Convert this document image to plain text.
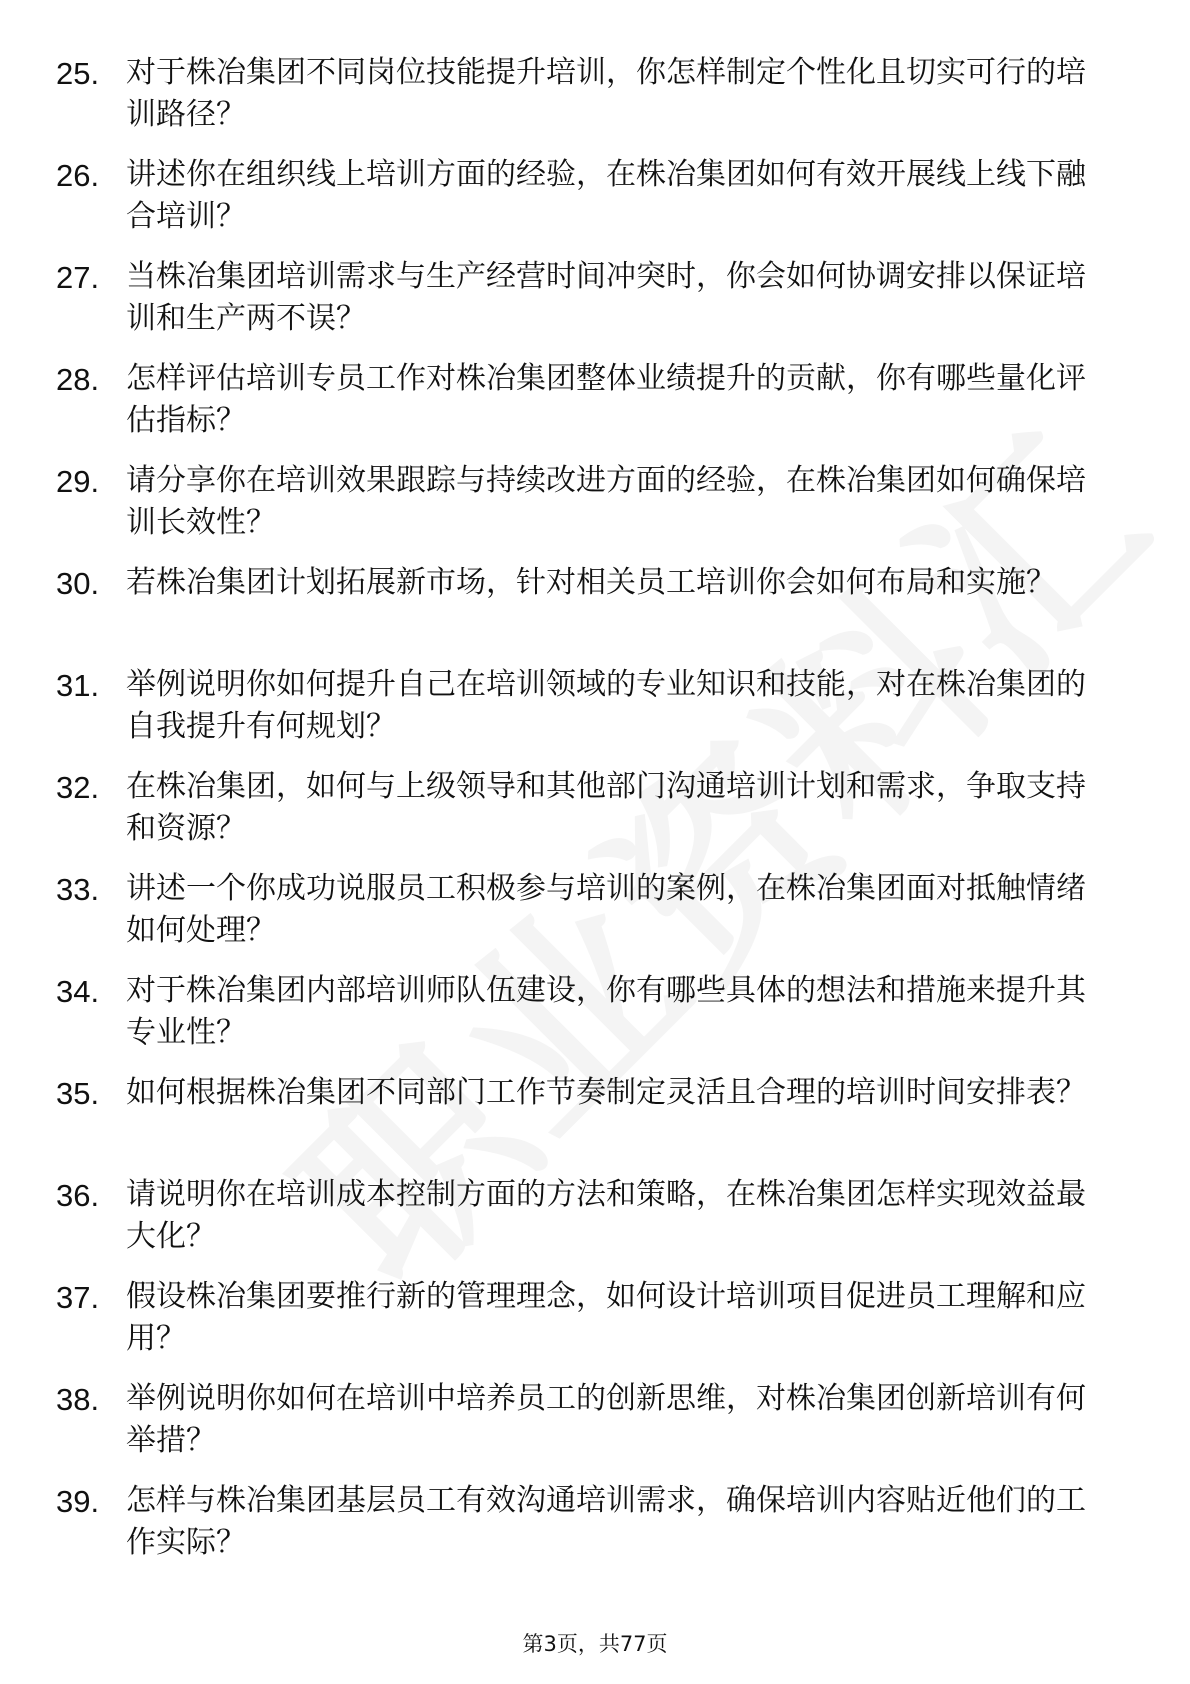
25. 对于株冶集团不同岗位技能提升培训，你怎样制定个性化且切实可行的培训路径？
26. 讲述你在组织线上培训方面的经验，在株冶集团如何有效开展线上线下融合培训？
27. 当株冶集团培训需求与生产经营时间冲突时，你会如何协调安排以保证培训和生产两不误？
28. 怎样评估培训专员工作对株冶集团整体业绩提升的贡献，你有哪些量化评估指标？
29. 请分享你在培训效果跟踪与持续改进方面的经验，在株冶集团如何确保培训长效性？
30. 若株冶集团计划拓展新市场，针对相关员工培训你会如何布局和实施？
31. 举例说明你如何提升自己在培训领域的专业知识和技能，对在株冶集团的自我提升有何规划？
32. 在株冶集团，如何与上级领导和其他部门沟通培训计划和需求，争取支持和资源？
33. 讲述一个你成功说服员工积极参与培训的案例，在株冶集团面对抵触情绪如何处理？
34. 对于株冶集团内部培训师队伍建设，你有哪些具体的想法和措施来提升其专业性？
35. 如何根据株冶集团不同部门工作节奏制定灵活且合理的培训时间安排表？
36. 请说明你在培训成本控制方面的方法和策略，在株冶集团怎样实现效益最大化？
37. 假设株冶集团要推行新的管理理念，如何设计培训项目促进员工理解和应用？
38. 举例说明你如何在培训中培养员工的创新思维，对株冶集团创新培训有何举措？
39. 怎样与株冶集团基层员工有效沟通培训需求，确保培训内容贴近他们的工作实际？
第3页，共77页
